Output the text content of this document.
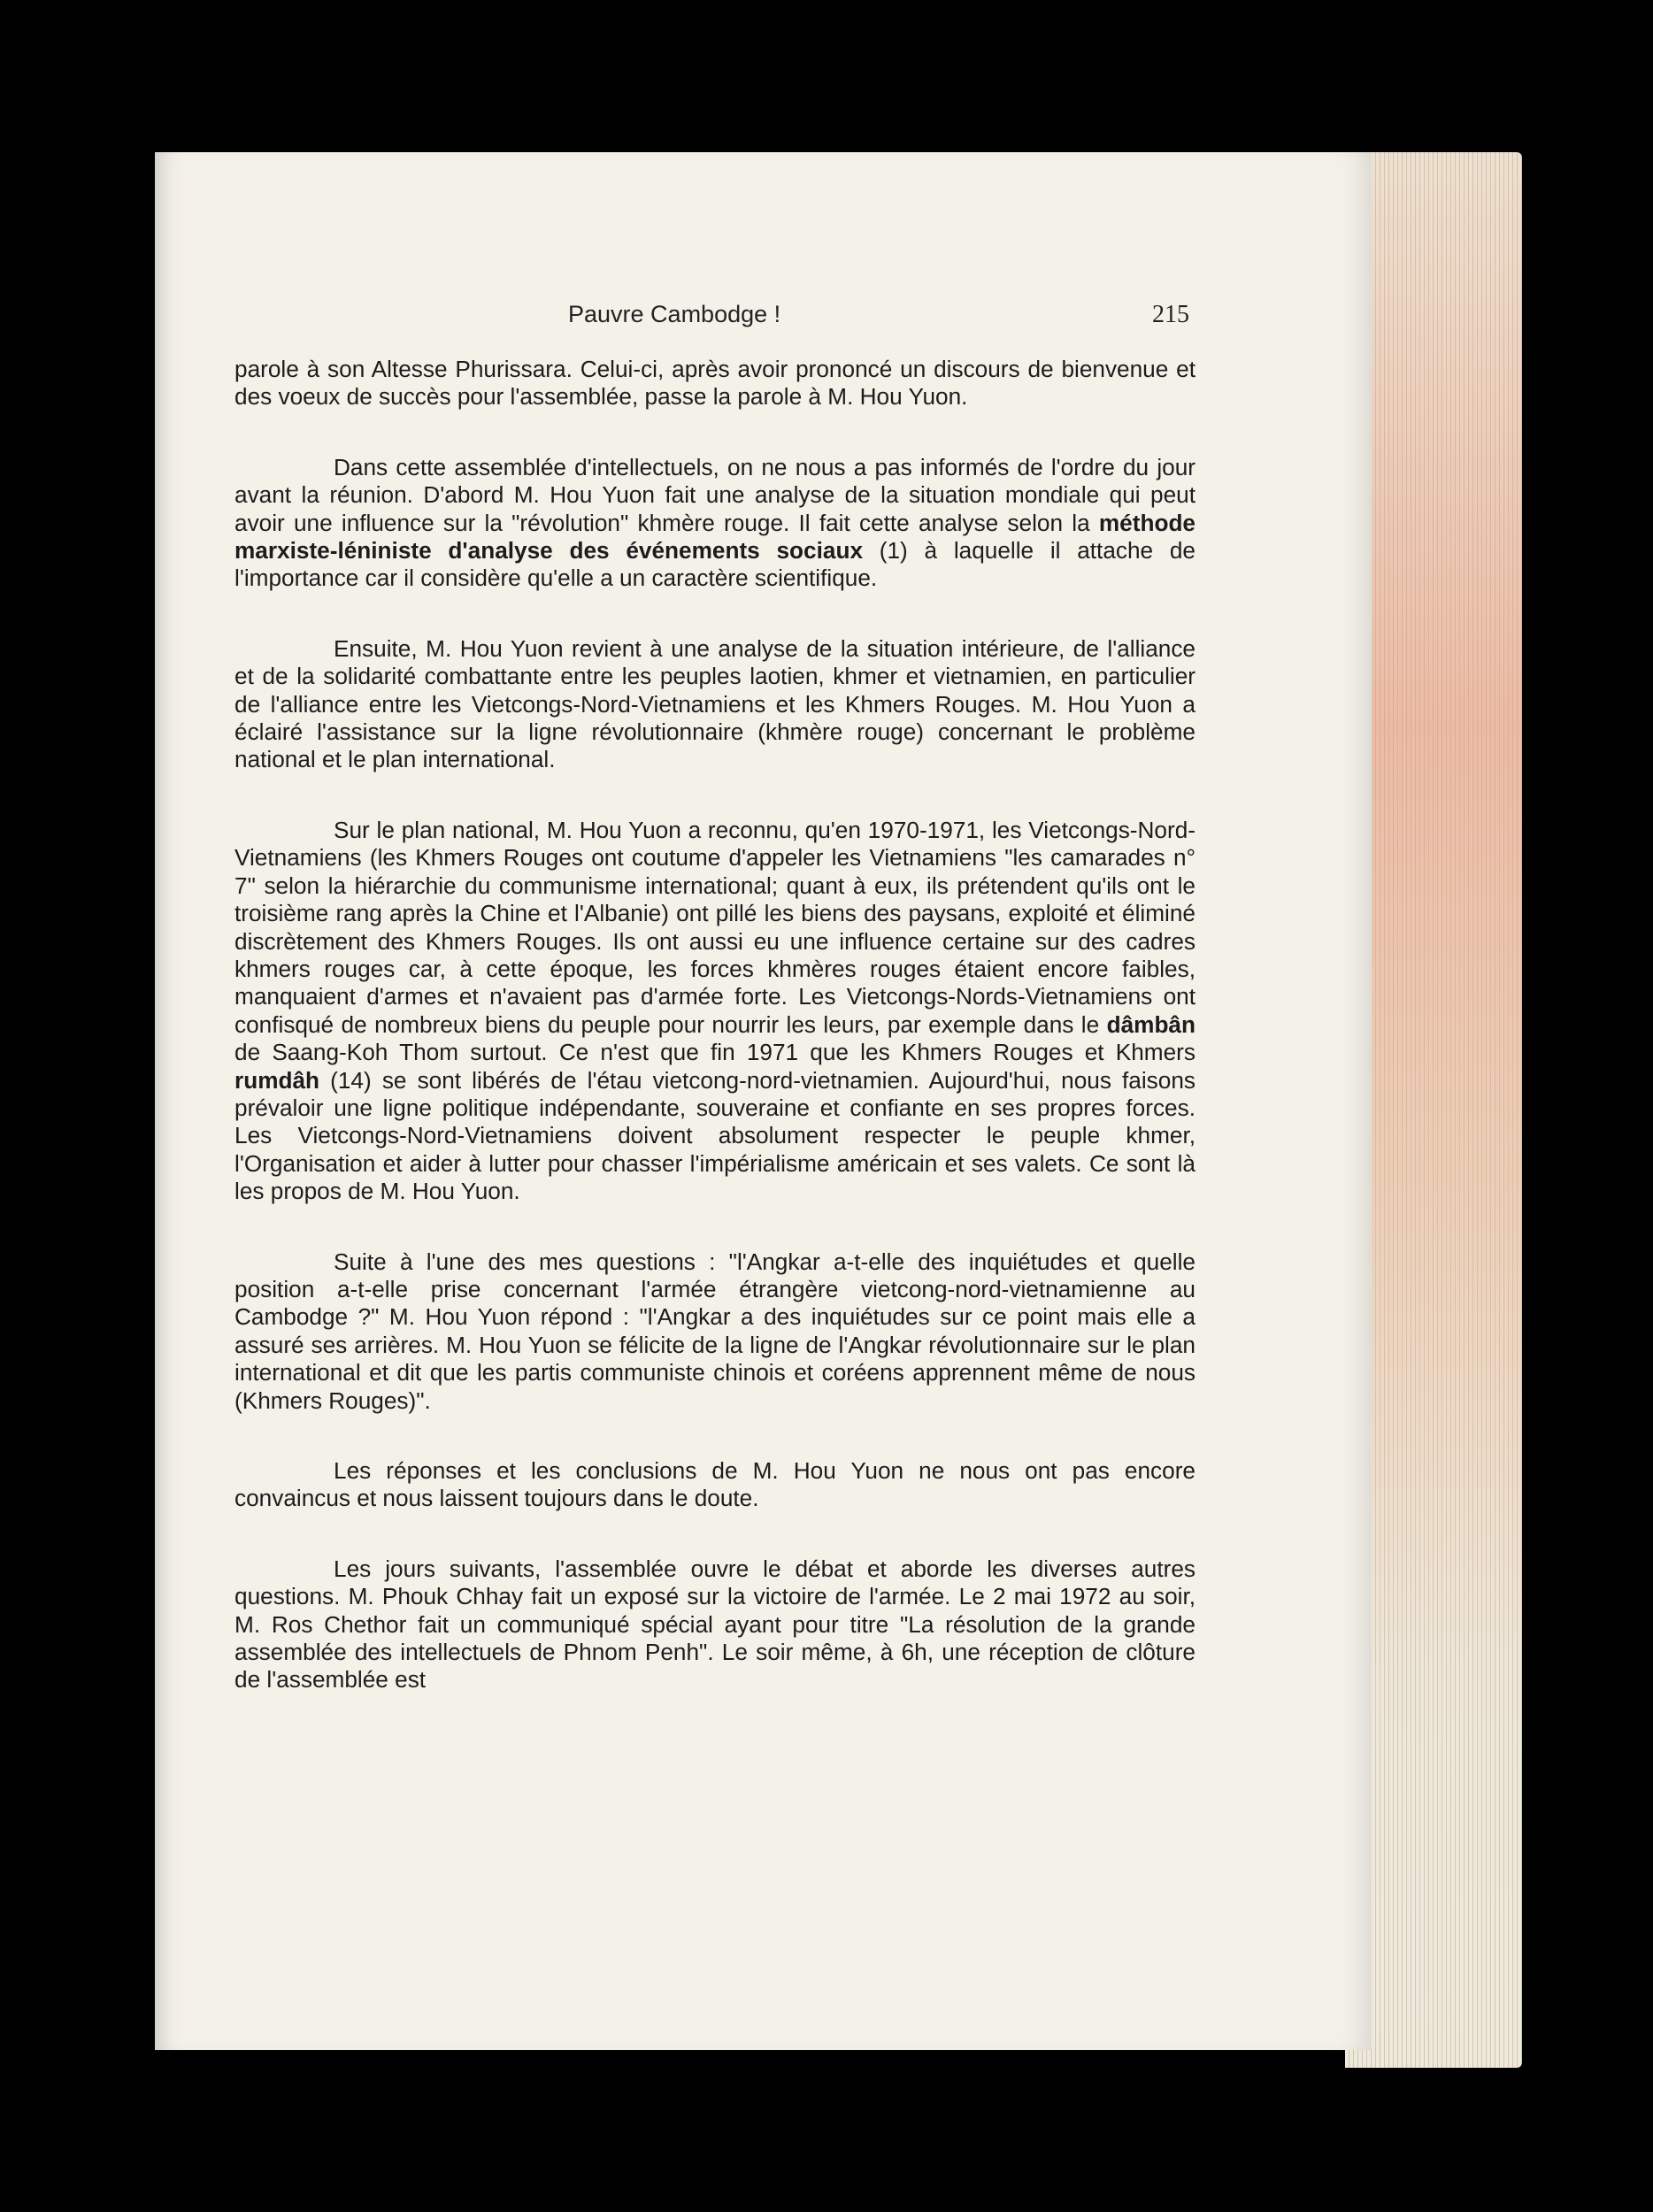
Pauvre Cambodge !	215

parole à son Altesse Phurissara. Celui-ci, après avoir prononcé un discours de bienvenue et des voeux de succès pour l'assemblée, passe la parole à M. Hou Yuon.

Dans cette assemblée d'intellectuels, on ne nous a pas informés de l'ordre du jour avant la réunion. D'abord M. Hou Yuon fait une analyse de la situation mondiale qui peut avoir une influence sur la "révolution" khmère rouge. Il fait cette analyse selon la méthode marxiste-léniniste d'analyse des événements sociaux (1) à laquelle il attache de l'importance car il considère qu'elle a un caractère scientifique.

Ensuite, M. Hou Yuon revient à une analyse de la situation intérieure, de l'alliance et de la solidarité combattante entre les peuples laotien, khmer et vietnamien, en particulier de l'alliance entre les Vietcongs-Nord-Vietnamiens et les Khmers Rouges. M. Hou Yuon a éclairé l'assistance sur la ligne révolutionnaire (khmère rouge) concernant le problème national et le plan international.

Sur le plan national, M. Hou Yuon a reconnu, qu'en 1970-1971, les Vietcongs-Nord-Vietnamiens (les Khmers Rouges ont coutume d'appeler les Vietnamiens "les camarades n° 7" selon la hiérarchie du communisme international; quant à eux, ils prétendent qu'ils ont le troisième rang après la Chine et l'Albanie) ont pillé les biens des paysans, exploité et éliminé discrètement des Khmers Rouges. Ils ont aussi eu une influence certaine sur des cadres khmers rouges car, à cette époque, les forces khmères rouges étaient encore faibles, manquaient d'armes et n'avaient pas d'armée forte. Les Vietcongs-Nords-Vietnamiens ont confisqué de nombreux biens du peuple pour nourrir les leurs, par exemple dans le dâmbân de Saang-Koh Thom surtout. Ce n'est que fin 1971 que les Khmers Rouges et Khmers rumdâh (14) se sont libérés de l'étau vietcong-nord-vietnamien. Aujourd'hui, nous faisons prévaloir une ligne politique indépendante, souveraine et confiante en ses propres forces. Les Vietcongs-Nord-Vietnamiens doivent absolument respecter le peuple khmer, l'Organisation et aider à lutter pour chasser l'impérialisme américain et ses valets. Ce sont là les propos de M. Hou Yuon.

Suite à l'une des mes questions : "l'Angkar a-t-elle des inquiétudes et quelle position a-t-elle prise concernant l'armée étrangère vietcong-nord-vietnamienne au Cambodge ?" M. Hou Yuon répond : "l'Angkar a des inquiétudes sur ce point mais elle a assuré ses arrières. M. Hou Yuon se félicite de la ligne de l'Angkar révolutionnaire sur le plan international et dit que les partis communiste chinois et coréens apprennent même de nous (Khmers Rouges)".

Les réponses et les conclusions de M. Hou Yuon ne nous ont pas encore convaincus et nous laissent toujours dans le doute.

Les jours suivants, l'assemblée ouvre le débat et aborde les diverses autres questions. M. Phouk Chhay fait un exposé sur la victoire de l'armée. Le 2 mai 1972 au soir, M. Ros Chethor fait un communiqué spécial ayant pour titre "La résolution de la grande assemblée des intellectuels de Phnom Penh". Le soir même, à 6h, une réception de clôture de l'assemblée est
